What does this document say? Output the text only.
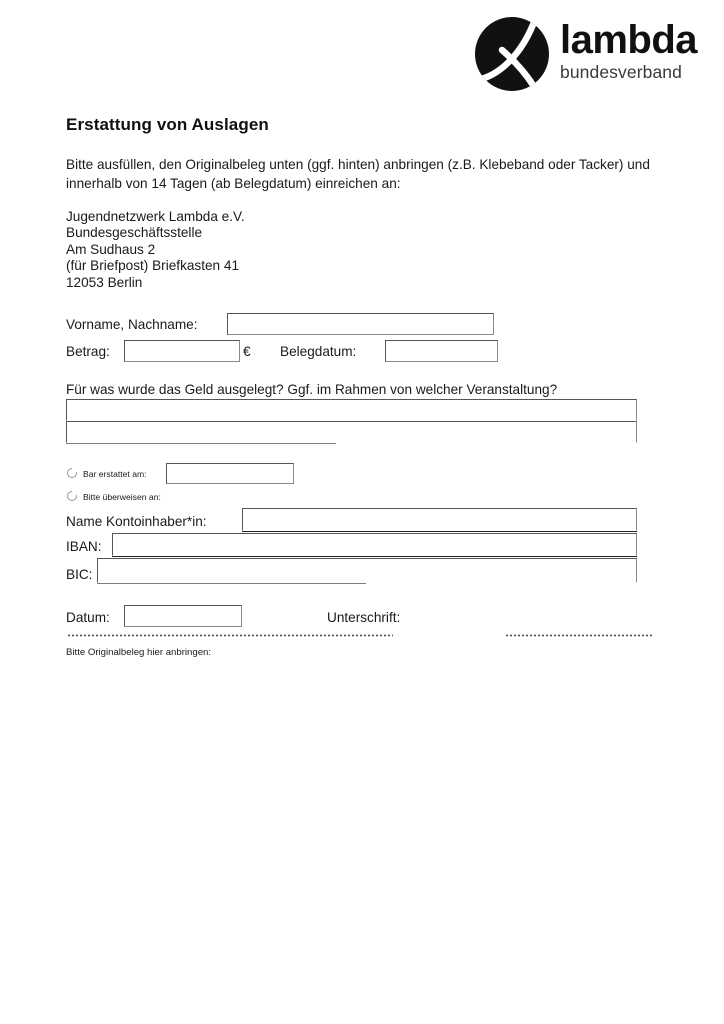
lambda
bundesverband
Erstattung von Auslagen
Bitte ausfüllen, den Originalbeleg unten (ggf. hinten) anbringen (z.B. Klebeband oder Tacker) und innerhalb von 14 Tagen (ab Belegdatum) einreichen an:
Jugendnetzwerk Lambda e.V.
Bundesgeschäftsstelle
Am Sudhaus 2
(für Briefpost) Briefkasten 41
12053 Berlin
Vorname, Nachname:
Betrag:	€ Belegdatum:
Für was wurde das Geld ausgelegt? Ggf. im Rahmen von welcher Veranstaltung?
Bar erstattet am:
Bitte überweisen an:
Name Kontoinhaber*in:
IBAN:
BIC:
Datum:	Unterschrift:
Bitte Originalbeleg hier anbringen:
